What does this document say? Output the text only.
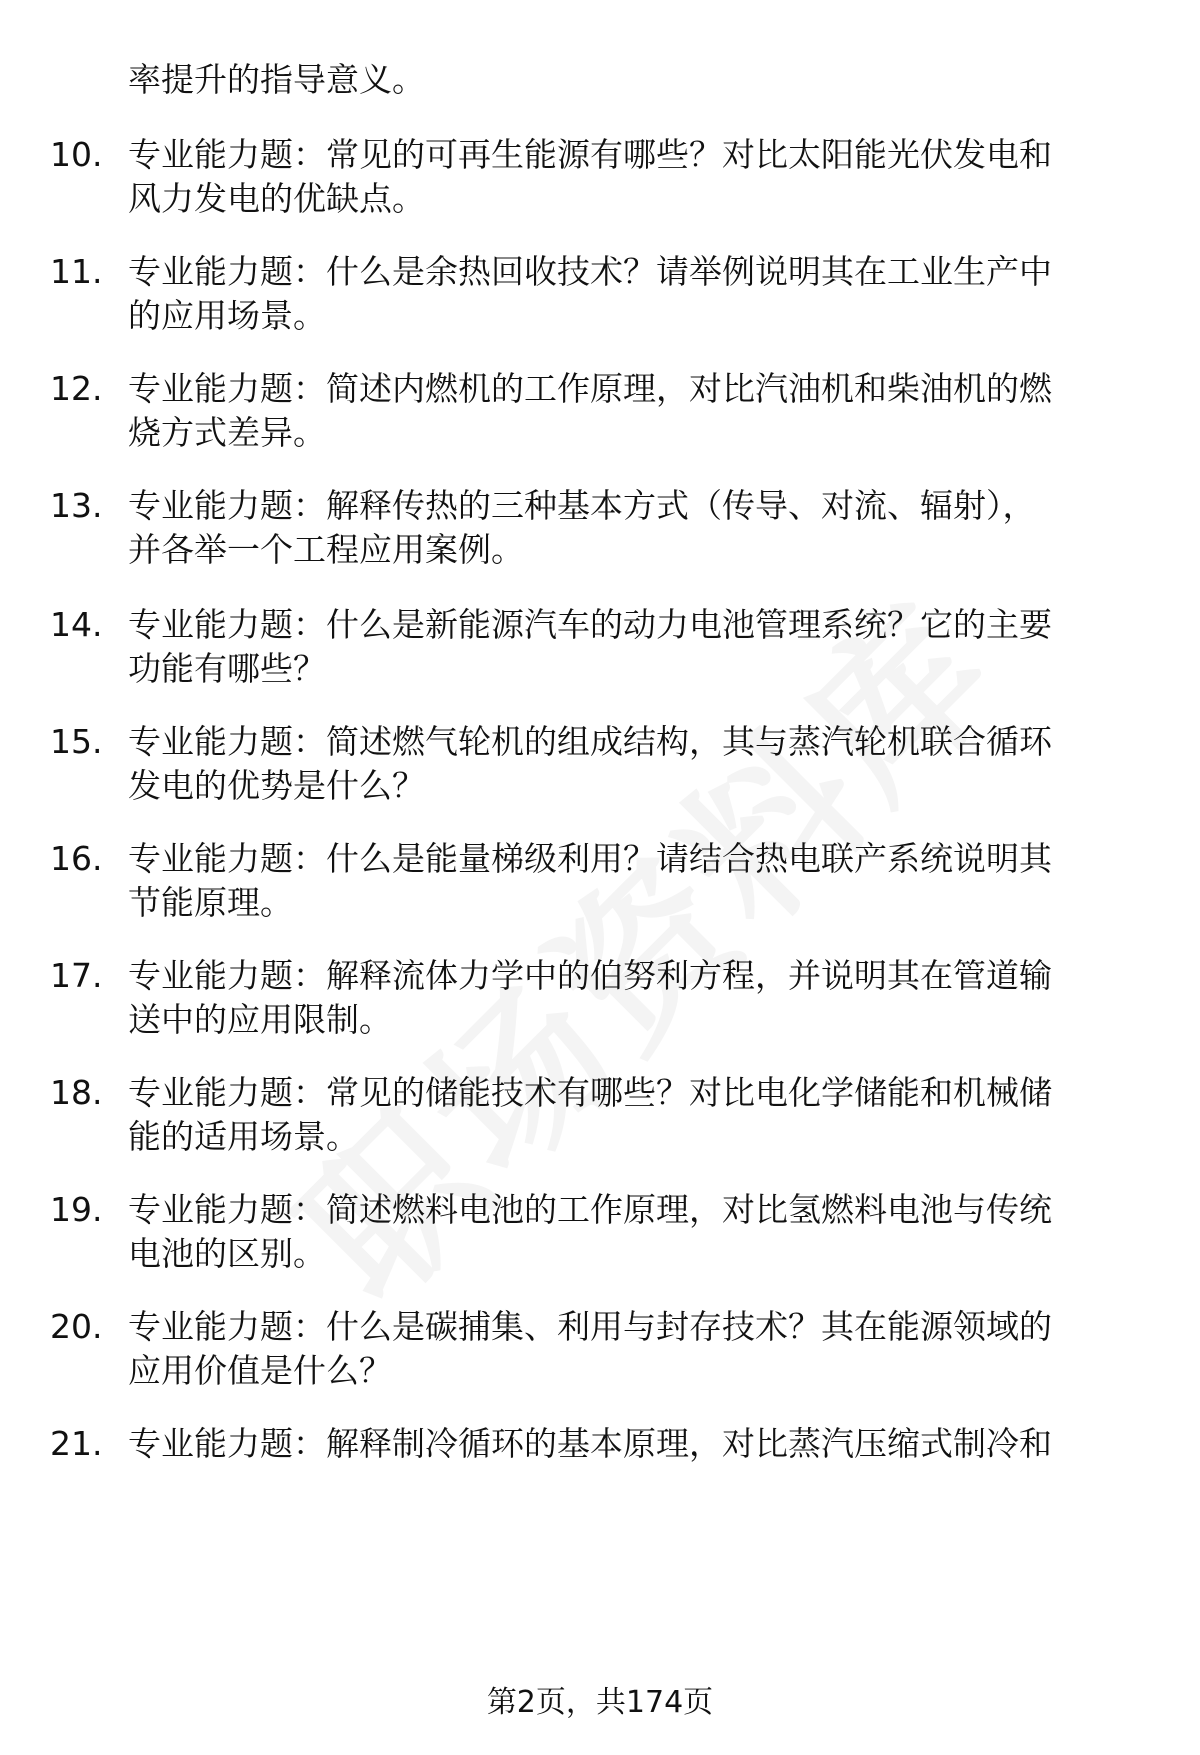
率提升的指导意义。
10. 专业能力题：常见的可再生能源有哪些？对比太阳能光伏发电和
风力发电的优缺点。
11. 专业能力题：什么是余热回收技术？请举例说明其在工业生产中
的应用场景。
12. 专业能力题：简述内燃机的工作原理，对比汽油机和柴油机的燃
烧方式差异。
13. 专业能力题：解释传热的三种基本方式（传导、对流、辐射），
并各举一个工程应用案例。
14. 专业能力题：什么是新能源汽车的动力电池管理系统？它的主要
功能有哪些？
15. 专业能力题：简述燃气轮机的组成结构，其与蒸汽轮机联合循环
发电的优势是什么？
16. 专业能力题：什么是能量梯级利用？请结合热电联产系统说明其
节能原理。
17. 专业能力题：解释流体力学中的伯努利方程，并说明其在管道输
送中的应用限制。
18. 专业能力题：常见的储能技术有哪些？对比电化学储能和机械储
能的适用场景。
19. 专业能力题：简述燃料电池的工作原理，对比氢燃料电池与传统
电池的区别。
20. 专业能力题：什么是碳捕集、利用与封存技术？其在能源领域的
应用价值是什么？
21. 专业能力题：解释制冷循环的基本原理，对比蒸汽压缩式制冷和
第2页，共174页
